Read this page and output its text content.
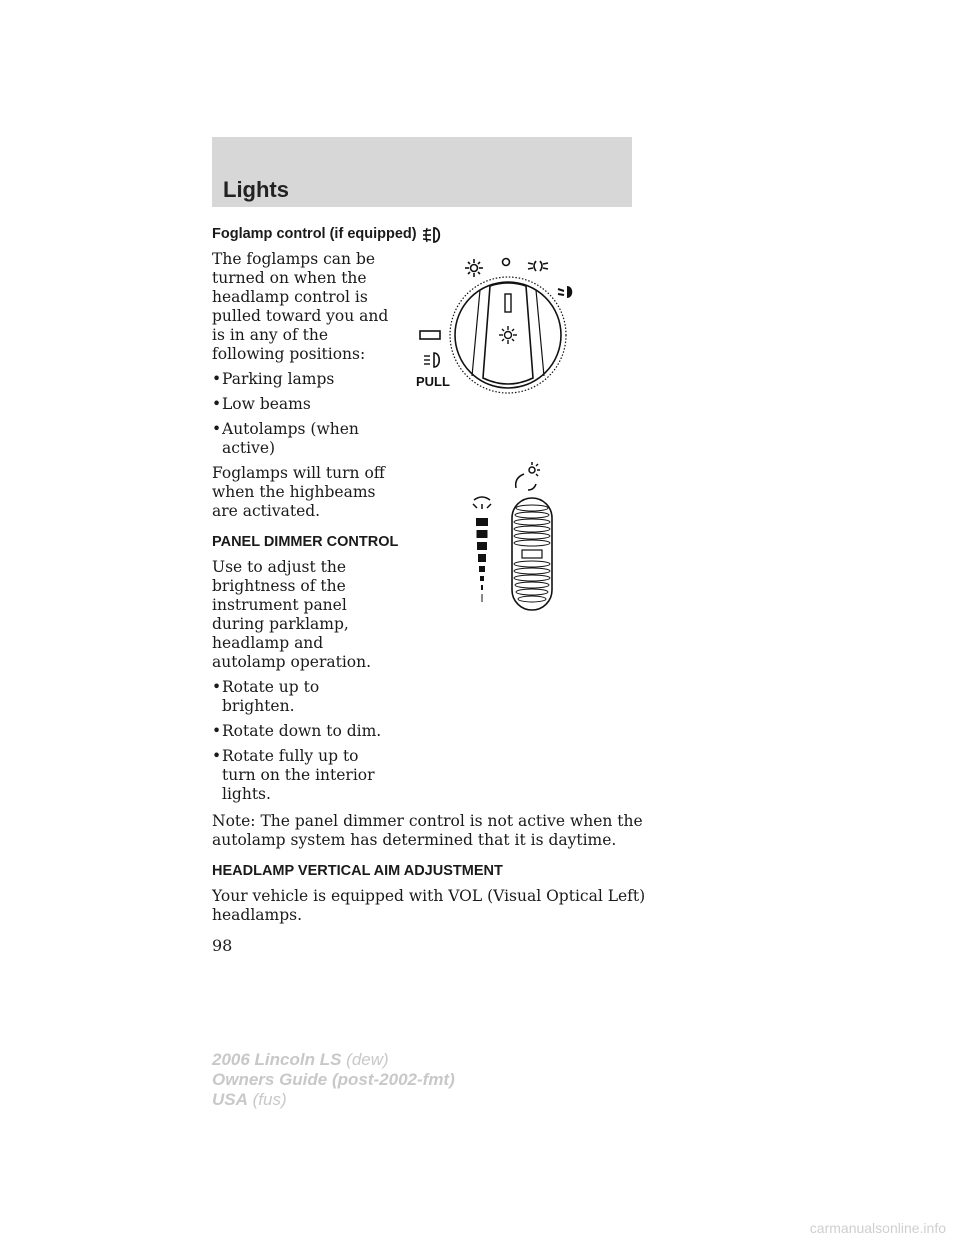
Lights
Foglamp control (if equipped)

The foglamps can be turned on when the headlamp control is pulled toward you and is in any of the following positions:

• Parking lamps
• Low beams
• Autolamps (when active)

Foglamps will turn off when the highbeams are activated.

PANEL DIMMER CONTROL

Use to adjust the brightness of the instrument panel during parklamp, headlamp and autolamp operation.

• Rotate up to brighten.
• Rotate down to dim.
• Rotate fully up to turn on the interior lights.

Note: The panel dimmer control is not active when the autolamp system has determined that it is daytime.

HEADLAMP VERTICAL AIM ADJUSTMENT

Your vehicle is equipped with VOL (Visual Optical Left) headlamps.

PULL
98
2006 Lincoln LS (dew)
Owners Guide (post-2002-fmt)
USA (fus)
carmanualsonline.info
